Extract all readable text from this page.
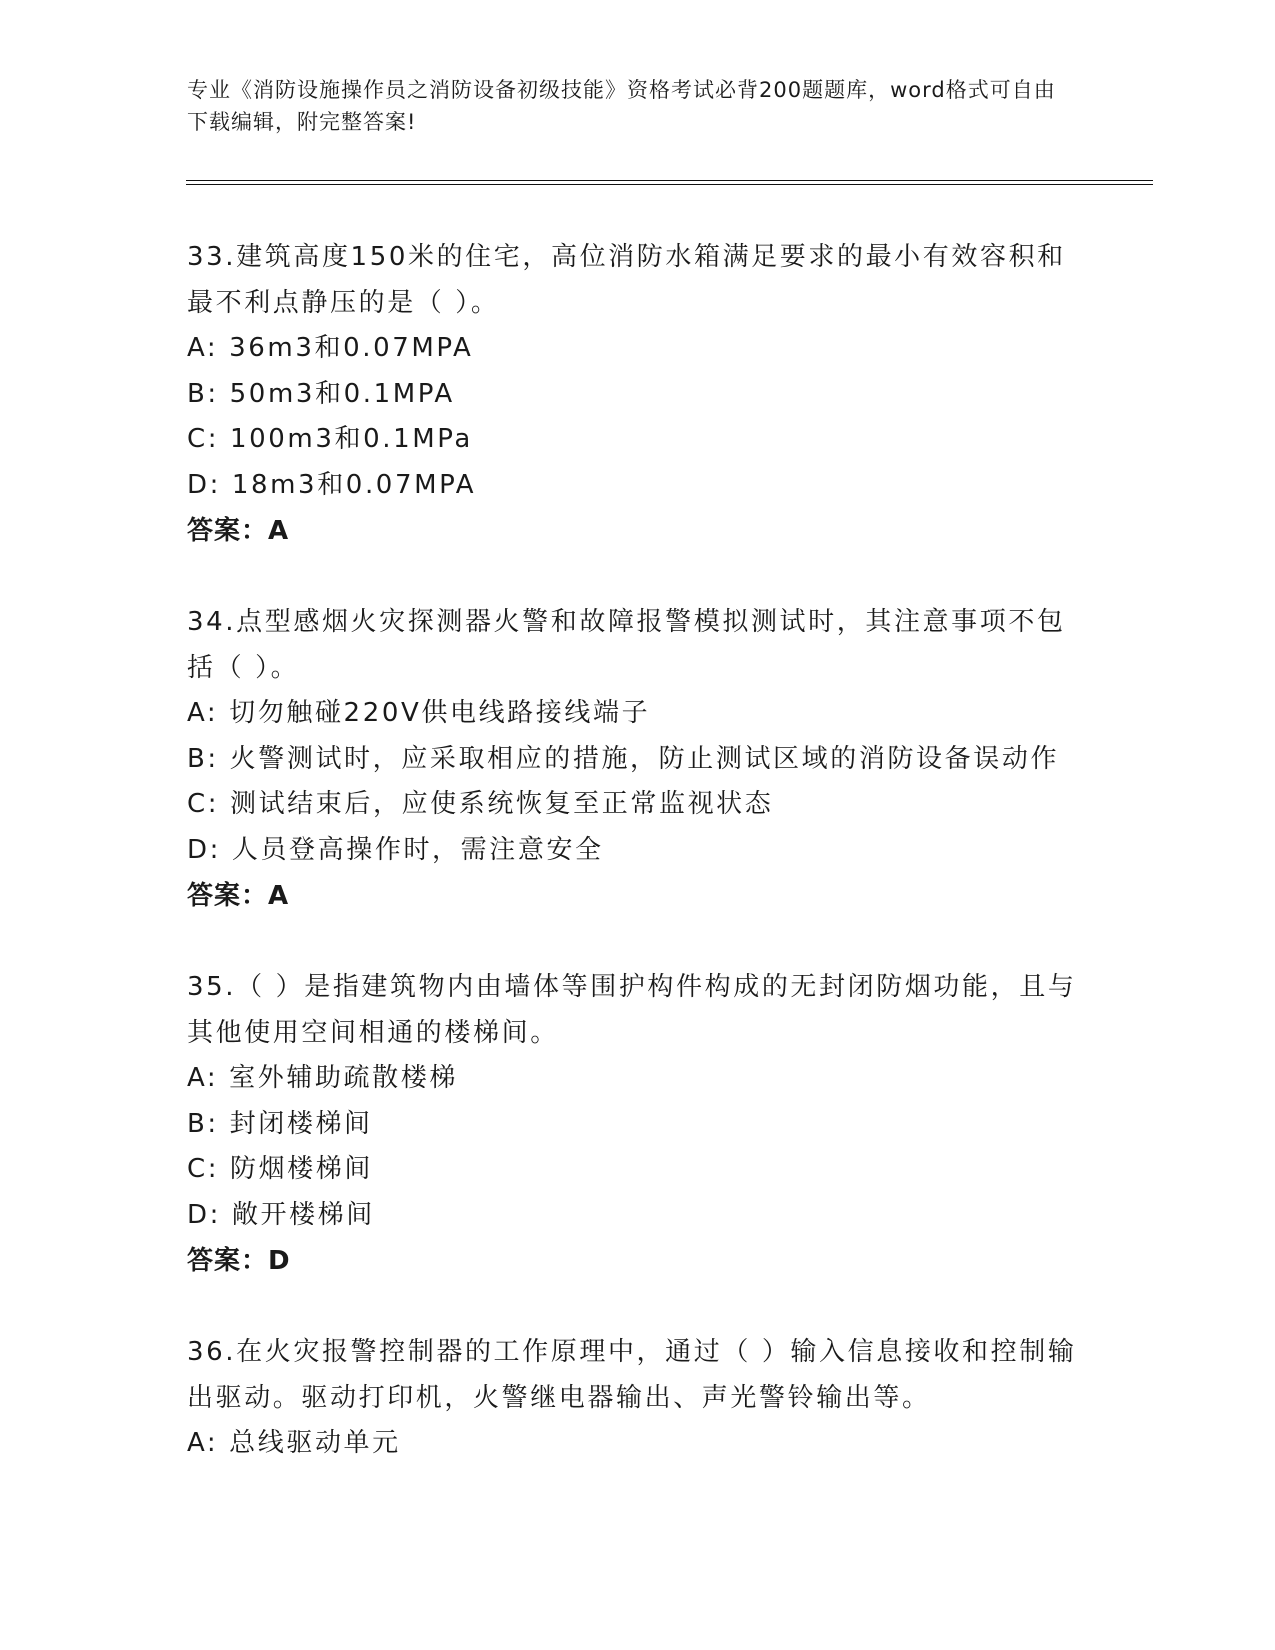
专业《消防设施操作员之消防设备初级技能》资格考试必背200题题库，word格式可自由下载编辑，附完整答案!
33.建筑高度150米的住宅，高位消防水箱满足要求的最小有效容积和最不利点静压的是（ ）。
A: 36m3和0.07MPA
B: 50m3和0.1MPA
C: 100m3和0.1MPa
D: 18m3和0.07MPA
答案：A
34.点型感烟火灾探测器火警和故障报警模拟测试时，其注意事项不包括（ ）。
A: 切勿触碰220V供电线路接线端子
B: 火警测试时，应采取相应的措施，防止测试区域的消防设备误动作
C: 测试结束后，应使系统恢复至正常监视状态
D: 人员登高操作时，需注意安全
答案：A
35.（ ）是指建筑物内由墙体等围护构件构成的无封闭防烟功能，且与其他使用空间相通的楼梯间。
A: 室外辅助疏散楼梯
B: 封闭楼梯间
C: 防烟楼梯间
D: 敞开楼梯间
答案：D
36.在火灾报警控制器的工作原理中，通过（ ）输入信息接收和控制输出驱动。驱动打印机，火警继电器输出、声光警铃输出等。
A: 总线驱动单元
